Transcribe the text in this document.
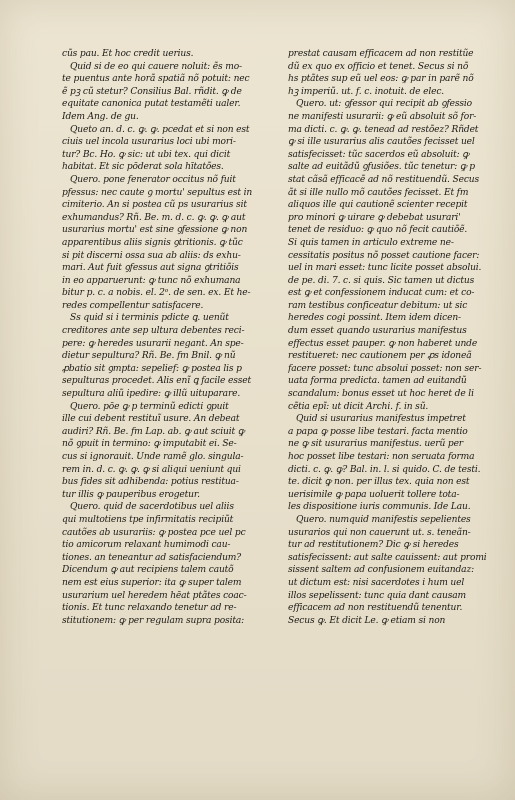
cũs pau. Et hoc credit uerius.
Quid si de eo qui cauere noluit: ẽs mo-
te puentus ante horã spatiã nõ potuit: nec
ẽ pꝫ cũ stetur? Consilius Bal. rñdit. ꝙ de
equitate canonica putat testamẽti ualer.
Idem Ang. de gu.
Queto an. d. c. ꝙ. ꝙ. pcedat et si non est
ciuis uel incola usurarius loci ubi mori-
tur? Bc. Ho. ꝙ sic: ut ubi tex. qui dicit
habitat. Et sic pōderat sola hītatões.
Quero. pone fenerator occitus nõ fuit
pfessus: nec caute ꝯ mortu' sepultus est in
cimiterio. An si postea cũ ps usurarius sit
exhumandus? Rñ. Be. m. d. c. ꝙ. ꝙ. ꝙ aut
usurarius mortu' est sine ꝯfessione ꝙ non
apparentibus aliis signis ꝯtritionis. ꝙ tũc
si pit discerni ossa sua ab aliis: ds exhu-
mari. Aut fuit ꝯfessus aut signa ꝯtritiõis
in eo apparuerunt: ꝙ tunc nõ exhumana
bitur p. c. a nobis. el. 2ᵒ. de sen. ex. Et he-
redes compellentur satisfacere.
Ss quid si i terminis pdicte ꝗ. uenũt
creditores ante sep ultura debentes reci-
pere: ꝙ heredes usurarii negant. An spe-
dietur sepultura? Rñ. Be. fm Bnil. ꝙ nũ
ꝓbatio sit ꝯmpta: sepelief: ꝙ postea lis p
sepulturas procedet. Alis enĩ ꝗ facile esset
sepultura aliũ ipedire: ꝙ illũ uituparare.
Quero. pōe ꝙ p terminũ edicti ꝯpuit
ille cui debent restituĩ usure. An debeat
audiri? Rñ. Be. fm Lap. ab. ꝙ aut sciuit ꝙ
nõ ꝯpuit in termino: ꝙ imputabit ei. Se-
cus si ignorauit. Unde ramẽ glo. singula-
rem in. d. c. ꝙ. ꝙ. ꝙ si aliqui ueniunt qui
bus fides sit adhibenda: potius restitua-
tur illis ꝙ pauperibus erogetur.
Quero. quid de sacerdotibus uel aliis
qui multotiens tpe infirmitatis recipiũt
cautões ab usurariis: ꝙ postea pce uel pc
tio amicorum relaxant humimodi cau-
tiones. an teneantur ad satisfaciendum?
Dicendum ꝙ aut recipiens talem cautõ
nem est eius superior: ita ꝙ super talem
usurarium uel heredem hēat ptãtes coac-
tionis. Et tunc relaxando tenetur ad re-
stitutionem: ꝙ per regulam supra posita:
prestat causam efficacem ad non restitũe
dũ ex quo ex officio et tenet. Secus si nõ
hs ptãtes sup eũ uel eos: ꝙ par in parẽ nõ
hꝫ imperiũ. ut. f. c. inotuit. de elec.
Quero. ut: ꝯfessor qui recipit ab ꝯfessio
ne manifesti usurarii: ꝙ eũ absoluit sõ for-
ma dicti. c. ꝙ. ꝙ. tenead ad restõez? Rñdet
ꝙ si ille usurarius alis cautões fecisset uel
satisfecisset: tũc sacerdos eũ absoluit: ꝙ
salte ad euitãdũ ꝯfusiões. tũc tenetur: ꝙ p
stat cãsã efficacẽ ad nõ restituendũ. Secus
ãt si ille nullo mõ cautões fecisset. Et fm
aliquos ille qui cautionẽ scienter recepit
pro minori ꝙ uirare ꝙ debebat usurari'
tenet de residuo: ꝙ quo nõ fecit cautiõẽ.
Si quis tamen in articulo extreme ne-
cessitatis positus nõ posset cautione facer:
uel in mari esset: tunc licite posset absolui.
de pe. di. 7. c. si quis. Sic tamen ut dictus
est ꝙ et confessionem inducat cum: et co-
ram testibus conficeatur debitum: ut sic
heredes cogi possint. Item idem dicen-
dum esset quando usurarius manifestus
effectus esset pauper. ꝙ non haberet unde
restitueret: nec cautionem per ꝓs idoneã
facere posset: tunc absolui posset: non ser-
uata forma predicta. tamen ad euitandũ
scandalum: bonus esset ut hoc heret de li
cẽtia epĩ: ut dicit Archi. f. in sũ.
Quid si usurarius manifestus impetret
a papa ꝙ posse libe testari. facta mentio
ne ꝙ sit usurarius manifestus. uerũ per
hoc posset libe testari: non seruata forma
dicti. c. ꝙ. ꝙ? Bal. in. l. si quido. C. de testi.
te. dicit ꝙ non. per illus tex. quia non est
uerisimile ꝙ papa uoluerit tollere tota-
les dispositione iuris communis. Ide Lau.
Quero. numquid manifestis sepelientes
usurarios qui non cauerunt ut. s. teneãn-
tur ad restitutionem? Dic ꝙ si heredes
satisfecissent: aut salte cauissent: aut promi
sissent saltem ad confusionem euitandaz:
ut dictum est: nisi sacerdotes i hum uel
illos sepelissent: tunc quia dant causam
efficacem ad non restituendũ tenentur.
Secus ꝙ. Et dicit Le. ꝙ etiam si non
